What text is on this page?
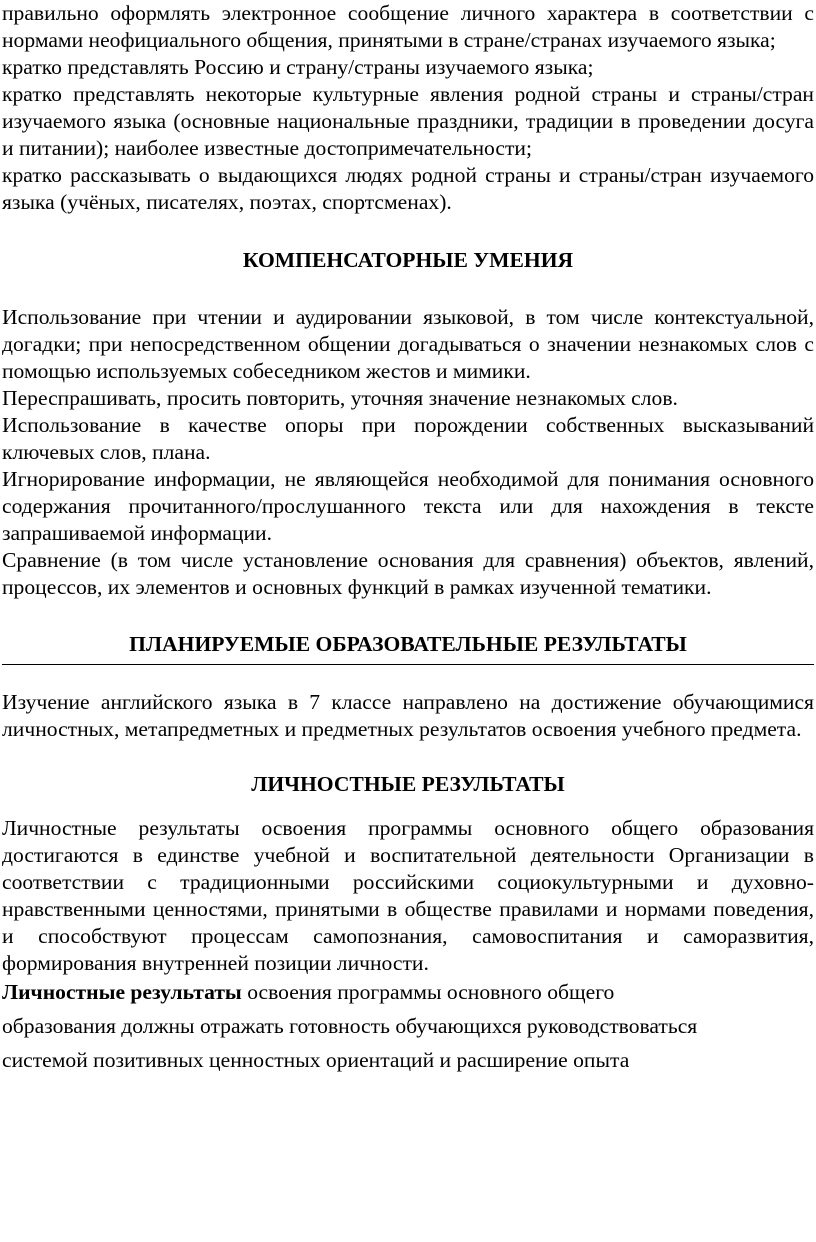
правильно оформлять электронное сообщение личного характера в соответствии с нормами неофициального общения, принятыми в стране/странах изучаемого языка;

кратко представлять Россию и страну/страны изучаемого языка;

кратко представлять некоторые культурные явления родной страны и страны/стран изучаемого языка (основные национальные праздники, традиции в проведении досуга и питании); наиболее известные достопримечательности;

кратко рассказывать о выдающихся людях родной страны и страны/стран изучаемого языка (учёных, писателях, поэтах, спортсменах).

КОМПЕНСАТОРНЫЕ УМЕНИЯ

Использование при чтении и аудировании языковой, в том числе контекстуальной, догадки; при непосредственном общении догадываться о значении незнакомых слов с помощью используемых собеседником жестов и мимики.

Переспрашивать, просить повторить, уточняя значение незнакомых слов.

Использование в качестве опоры при порождении собственных высказываний ключевых слов, плана.

Игнорирование информации, не являющейся необходимой для понимания основного содержания прочитанного/прослушанного текста или для нахождения в тексте запрашиваемой информации.

Сравнение (в том числе установление основания для сравнения) объектов, явлений, процессов, их элементов и основных функций в рамках изученной тематики.

ПЛАНИРУЕМЫЕ ОБРАЗОВАТЕЛЬНЫЕ РЕЗУЛЬТАТЫ

Изучение английского языка в 7 классе направлено на достижение обучающимися личностных, метапредметных и предметных результатов освоения учебного предмета.

ЛИЧНОСТНЫЕ РЕЗУЛЬТАТЫ

Личностные результаты освоения программы основного общего образования достигаются в единстве учебной и воспитательной деятельности Организации в соответствии с традиционными российскими социокультурными и духовно-нравственными ценностями, принятыми в обществе правилами и нормами поведения, и способствуют процессам самопознания, самовоспитания и саморазвития, формирования внутренней позиции личности.

Личностные результаты освоения программы основного общего

образования должны отражать готовность обучающихся руководствоваться

системой позитивных ценностных ориентаций и расширение опыта
